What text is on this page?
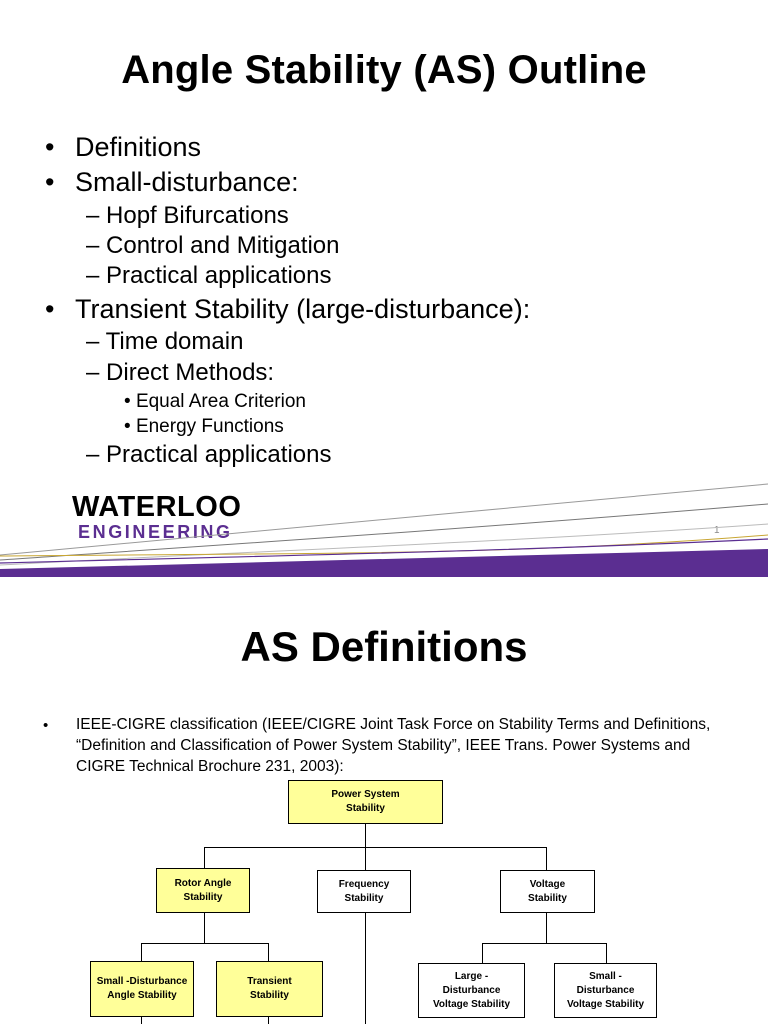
Angle Stability (AS) Outline
• Definitions
• Small-disturbance:
– Hopf Bifurcations
– Control and Mitigation
– Practical applications
• Transient Stability (large-disturbance):
– Time domain
– Direct Methods:
• Equal Area Criterion
• Energy Functions
– Practical applications
WATERLOO
ENGINEERING	1
AS Definitions
• IEEE-CIGRE classification (IEEE/CIGRE Joint Task Force on Stability Terms and Definitions, “Definition and Classification of Power System Stability”, IEEE Trans. Power Systems and CIGRE Technical Brochure 231, 2003):
Power System Stability
Rotor Angle Stability
Frequency Stability
Voltage Stability
Small -Disturbance Angle Stability
Transient Stability
Large - Disturbance Voltage Stability
Small - Disturbance Voltage Stability
